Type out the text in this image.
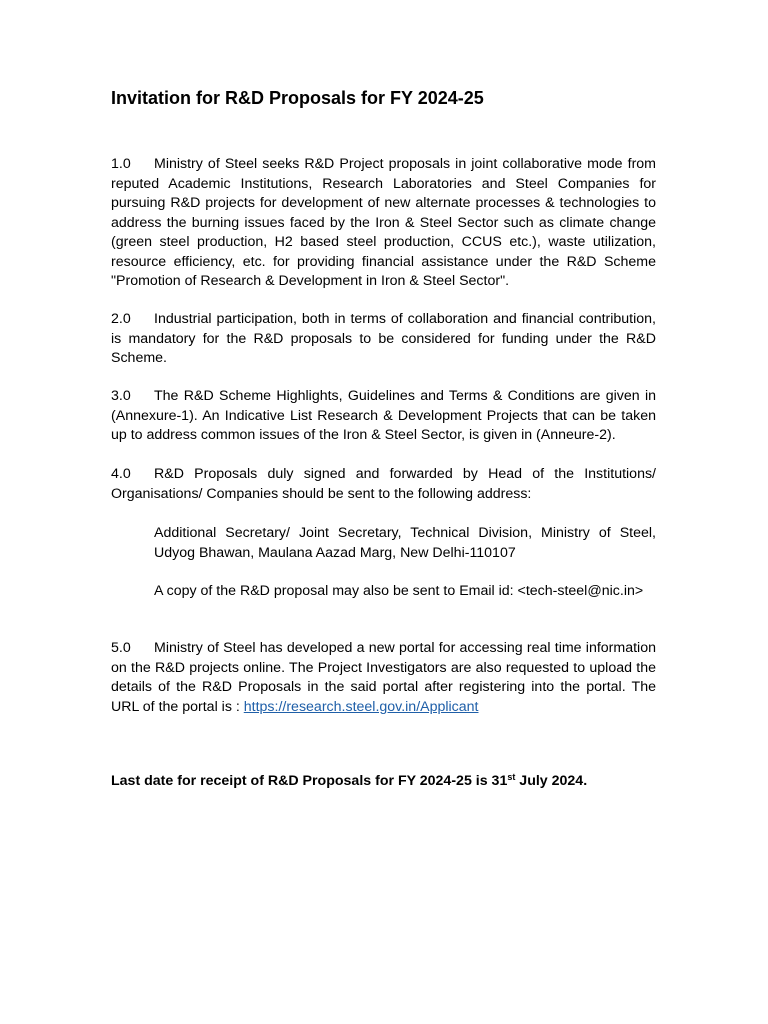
Invitation for R&D Proposals for FY 2024-25

1.0 Ministry of Steel seeks R&D Project proposals in joint collaborative mode from reputed Academic Institutions, Research Laboratories and Steel Companies for pursuing R&D projects for development of new alternate processes & technologies to address the burning issues faced by the Iron & Steel Sector such as climate change (green steel production, H2 based steel production, CCUS etc.), waste utilization, resource efficiency, etc. for providing financial assistance under the R&D Scheme "Promotion of Research & Development in Iron & Steel Sector".

2.0 Industrial participation, both in terms of collaboration and financial contribution, is mandatory for the R&D proposals to be considered for funding under the R&D Scheme.

3.0 The R&D Scheme Highlights, Guidelines and Terms & Conditions are given in (Annexure-1). An Indicative List Research & Development Projects that can be taken up to address common issues of the Iron & Steel Sector, is given in (Anneure-2).

4.0 R&D Proposals duly signed and forwarded by Head of the Institutions/ Organisations/ Companies should be sent to the following address:

Additional Secretary/ Joint Secretary, Technical Division, Ministry of Steel, Udyog Bhawan, Maulana Aazad Marg, New Delhi-110107

A copy of the R&D proposal may also be sent to Email id: <tech-steel@nic.in>

5.0 Ministry of Steel has developed a new portal for accessing real time information on the R&D projects online. The Project Investigators are also requested to upload the details of the R&D Proposals in the said portal after registering into the portal. The URL of the portal is : https://research.steel.gov.in/Applicant

Last date for receipt of R&D Proposals for FY 2024-25 is 31st July 2024.
